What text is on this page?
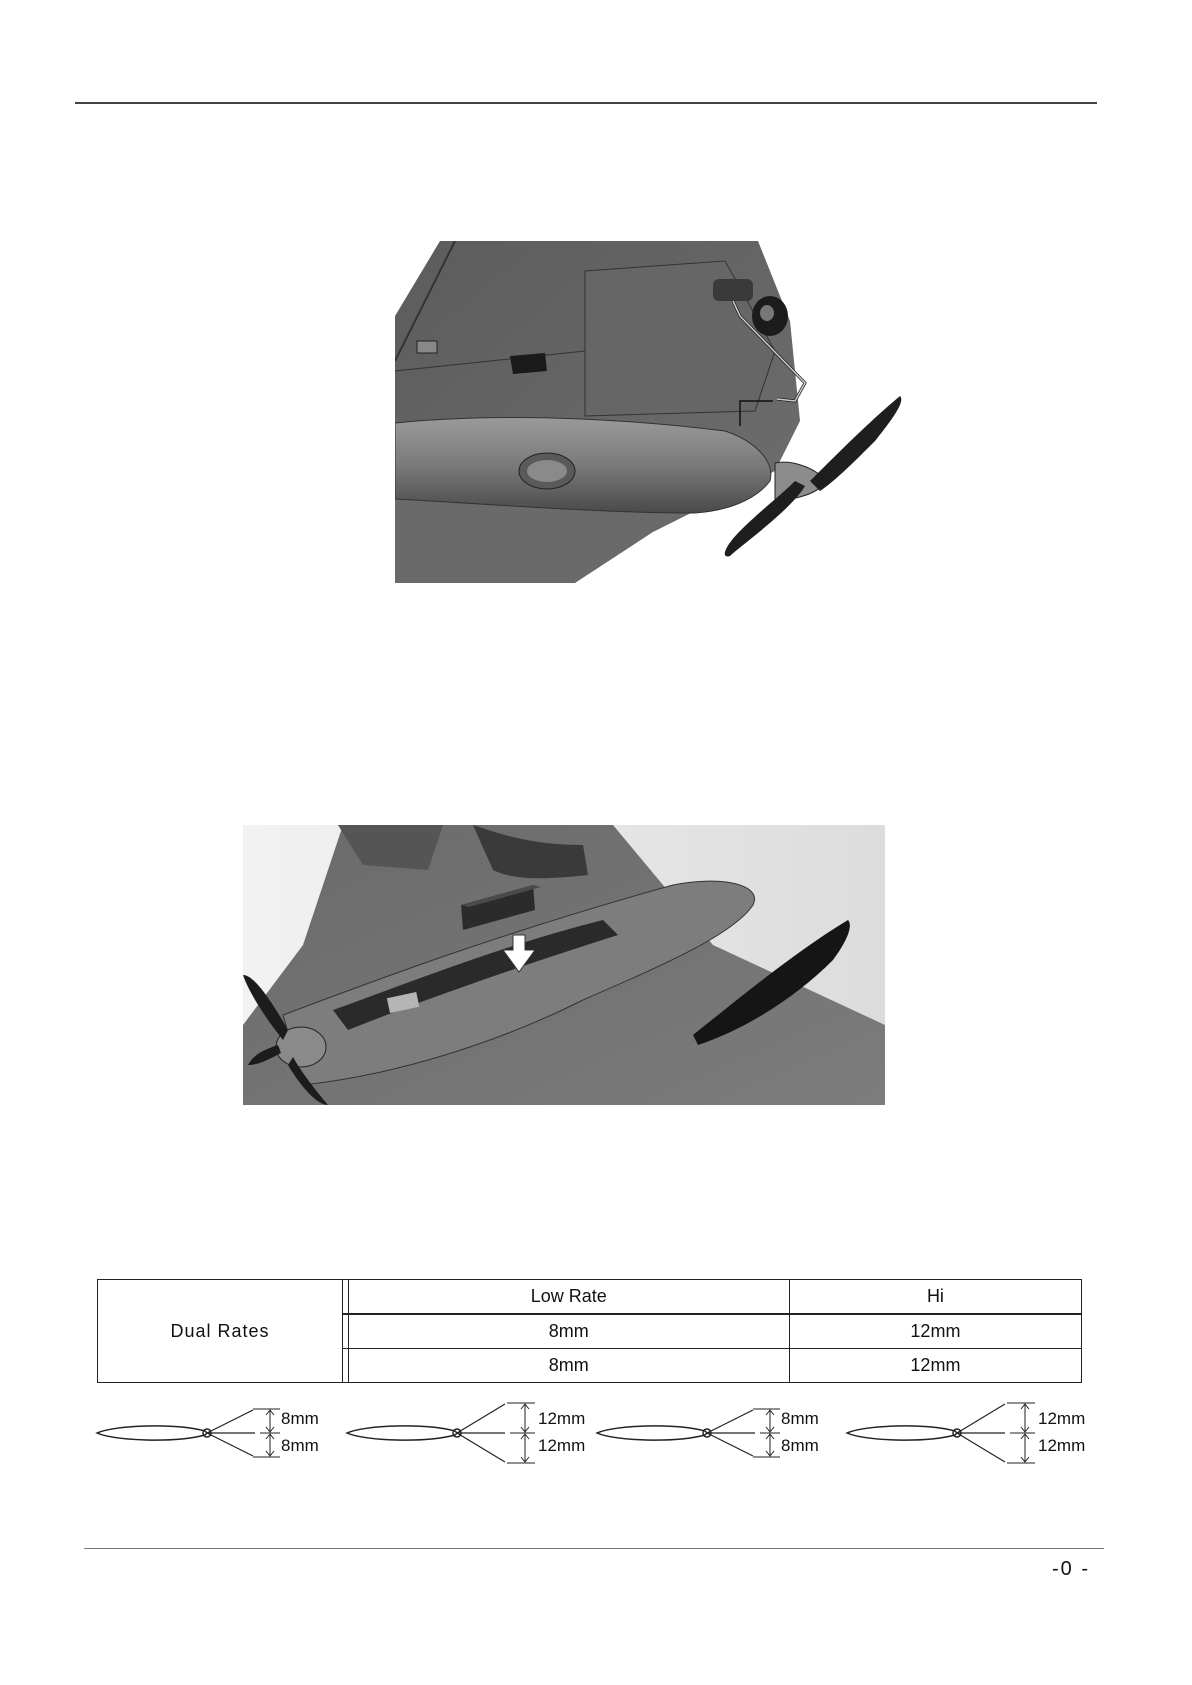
Dual Rates		Low Rate	Hi
		8mm	12mm
		8mm	12mm
8mm
8mm
12mm
12mm
8mm
8mm
12mm
12mm
-0 -
